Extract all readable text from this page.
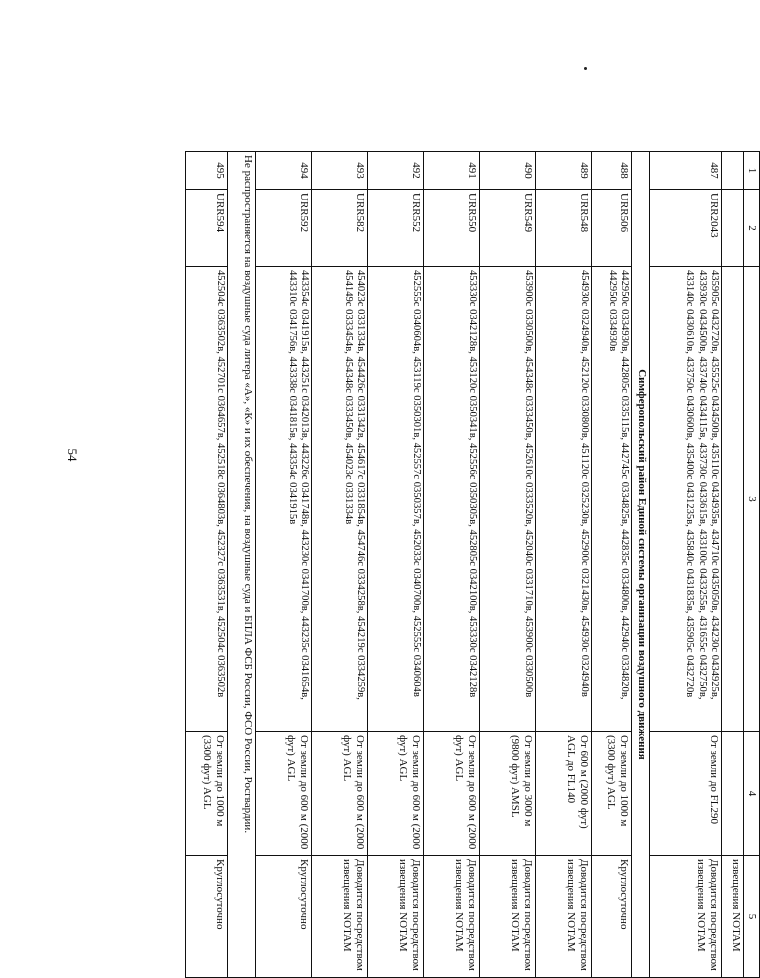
54
1	2	3	4	5
				извещения NOTAM
487	URR2043	435905c 0432720в, 435525c 0434500в, 435110c 0434935в, 434710c 0435050в, 434230c 0434925в, 433930c 0434500в, 433740c 0434115в, 433730c 0433615в, 433100c 0433255в, 431655c 0432750в, 433140c 0430610в, 433750c 0430600в, 435400c 0431235в, 435840c 0431835в, 435905c 0432720в	От земли до FL290	Доводится посредством извещения NOTAM
Симферопольский район Единой системы организации воздушного движения				
488	URR506	442950c 0334930в, 442805c 0335115в, 442745c 0334825в, 442835c 0334800в, 442940c 0334820в, 442950c 0334930в	От земли до 1000 м (3300 фут) AGL	Круглосуточно
489	URR548	454930c 0324940в, 452120c 0330800в, 451120c 0325230в, 452900c 0321430в, 454930c 0324940в	От 600 м (2000 фут) AGL до FL140	Доводится посредством извещения NOTAM
490	URR549	453900c 0330500в, 454348c 0333450в, 452610c 0333520в, 452040c 0331710в, 453900c 0330500в	От земли до 3000 м (9800 фут) AMSL	Доводится посредством извещения NOTAM
491	URR550	453330c 0342128в, 453120c 0350341в, 452556c 0350305в, 452805c 0342100в, 453330c 0342128в	От земли до 600 м (2000 фут) AGL	Доводится посредством извещения NOTAM
492	URR552	452555c 0340604в, 453119c 0350301в, 452557c 0350357в, 452033c 0340700в, 452555c 0340604в	От земли до 600 м (2000 фут) AGL	Доводится посредством извещения NOTAM
493	URR582	454023c 0331334в, 454426c 0331342в, 454617c 0331854в, 454746c 0334258в, 454219c 0334259в, 454149c 0333454в, 454348c 0333450в, 454023c 0331334в	От земли до 600 м (2000 фут) AGL	Доводится посредством извещения NOTAM
494	URR592	443354c 0341915в, 443251c 0342013в, 443226c 0341748в, 443230c 0341700в, 443235c 0341654в, 443310c 0341756в, 443338c 0341815в, 443354c 0341915в	От земли до 600 м (2000 фут) AGL	Круглосуточно
Не распространяется на воздушные суда литера «А», «К» и их обеспечения, на воздушные суда и БПЛА ФСБ России, ФСО России, Росгвардии.				
495	URR594	452504c 0363502в, 452701c 0364657в, 452518c 0364803в, 452327c 0363531в, 452504c 0363502в	От земли до 1000 м (3300 фут) AGL	Круглосуточно
